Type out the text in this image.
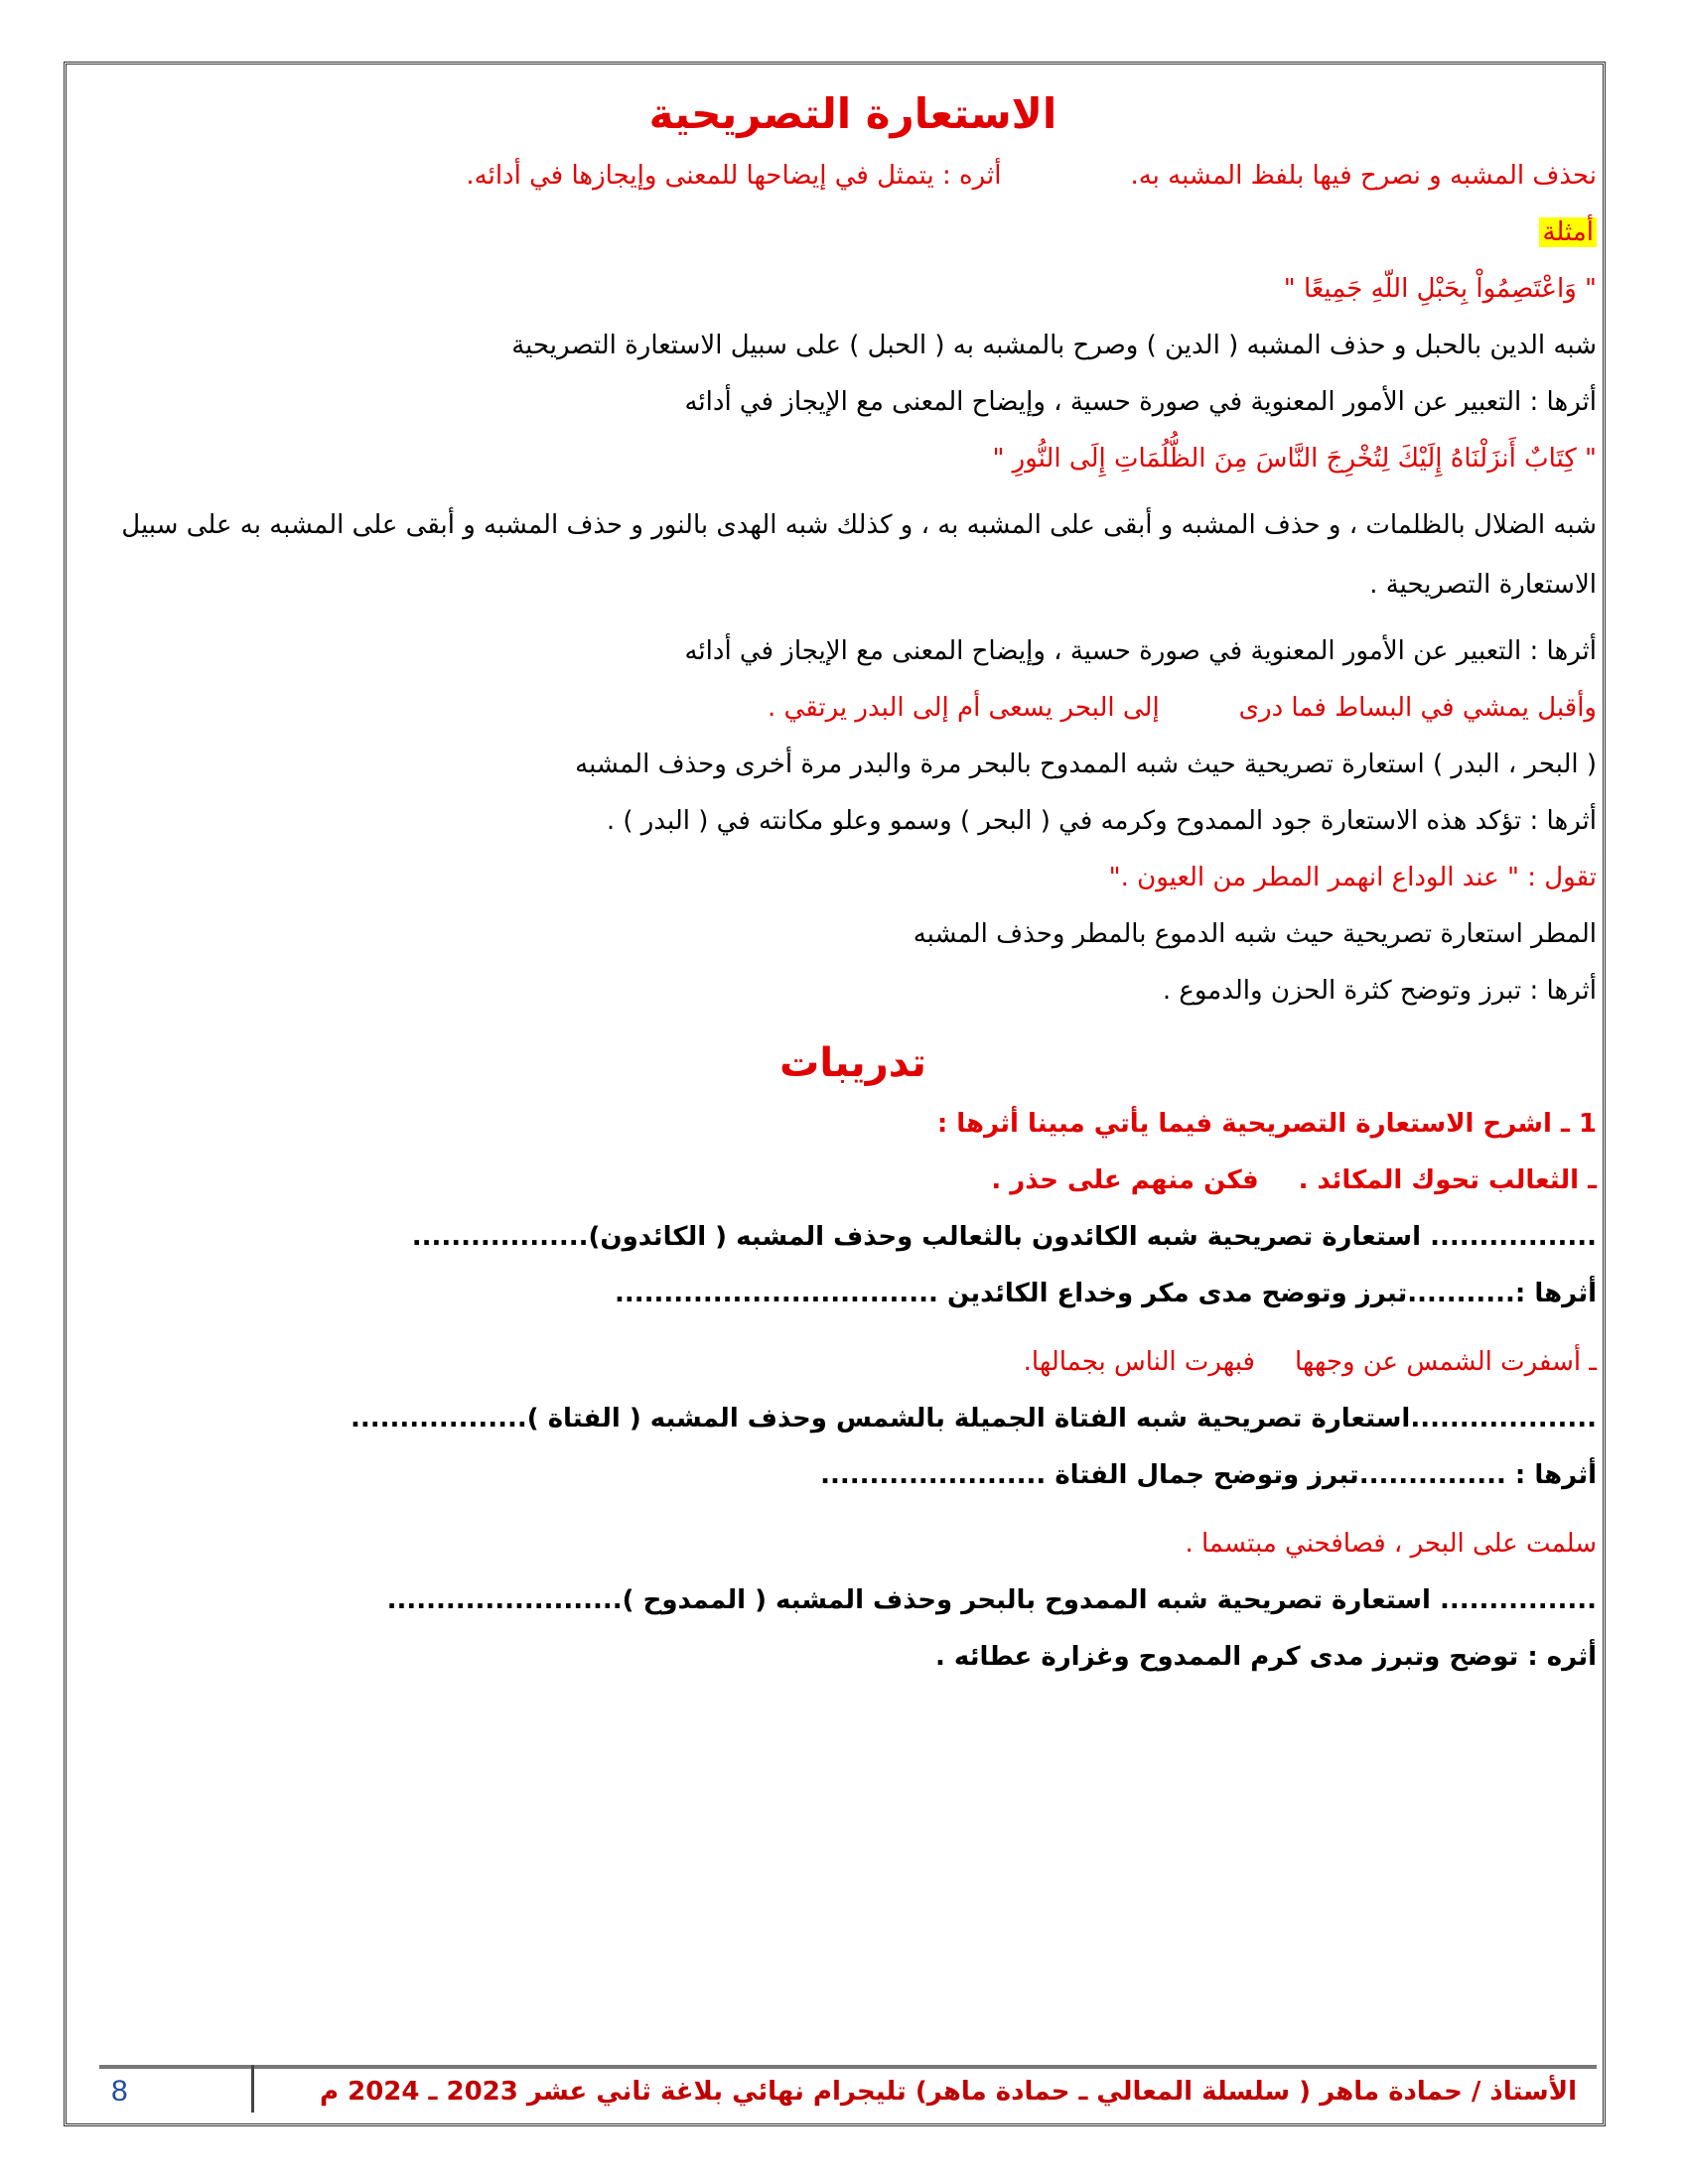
الاستعارة التصريحية
نحذف المشبه و نصرح فيها بلفظ المشبه به.أثره : يتمثل في إيضاحها للمعنى وإيجازها في أدائه.
أمثلة
" وَاعْتَصِمُواْ بِحَبْلِ اللّهِ جَمِيعًا "
شبه الدين بالحبل و حذف المشبه ( الدين ) وصرح بالمشبه به ( الحبل ) على سبيل الاستعارة التصريحية
أثرها : التعبير عن الأمور المعنوية في صورة حسية ، وإيضاح المعنى مع الإيجاز في أدائه
" كِتَابٌ أَنزَلْنَاهُ إِلَيْكَ لِتُخْرِجَ النَّاسَ مِنَ الظُّلُمَاتِ إِلَى النُّورِ "
شبه الضلال بالظلمات ، و حذف المشبه و أبقى على المشبه به ، و كذلك شبه الهدى بالنور و حذف المشبه و أبقى على المشبه به على سبيل الاستعارة التصريحية .
أثرها : التعبير عن الأمور المعنوية في صورة حسية ، وإيضاح المعنى مع الإيجاز في أدائه
وأقبل يمشي في البساط فما درىإلى البحر يسعى أم إلى البدر يرتقي .
( البحر ، البدر ) استعارة تصريحية حيث شبه الممدوح بالبحر مرة والبدر مرة أخرى وحذف المشبه
أثرها : تؤكد هذه الاستعارة جود الممدوح وكرمه في ( البحر ) وسمو وعلو مكانته في ( البدر ) .
تقول : " عند الوداع انهمر المطر من العيون ."
المطر استعارة تصريحية حيث شبه الدموع بالمطر وحذف المشبه
أثرها : تبرز وتوضح كثرة الحزن والدموع .
تدريبات
1 ـ اشرح الاستعارة التصريحية فيما يأتي مبينا أثرها :
ـ الثعالب تحوك المكائد .فكن منهم على حذر .
................. استعارة تصريحية شبه الكائدون بالثعالب وحذف المشبه ( الكائدون)..................
أثرها :...........تبرز وتوضح مدى مكر وخداع الكائدين .................................
ـ أسفرت الشمس عن وجههافبهرت الناس بجمالها.
...................استعارة تصريحية شبه الفتاة الجميلة بالشمس وحذف المشبه ( الفتاة )..................
أثرها : ...............تبرز وتوضح جمال الفتاة .......................
سلمت على البحر ، فصافحني مبتسما .
................ استعارة تصريحية شبه الممدوح بالبحر وحذف المشبه ( الممدوح )........................
أثره : توضح وتبرز مدى كرم الممدوح وغزارة عطائه .
الأستاذ / حمادة ماهر ( سلسلة المعالي ـ حمادة ماهر) تليجرام نهائي بلاغة ثاني عشر 2023 ـ 2024 م
8
